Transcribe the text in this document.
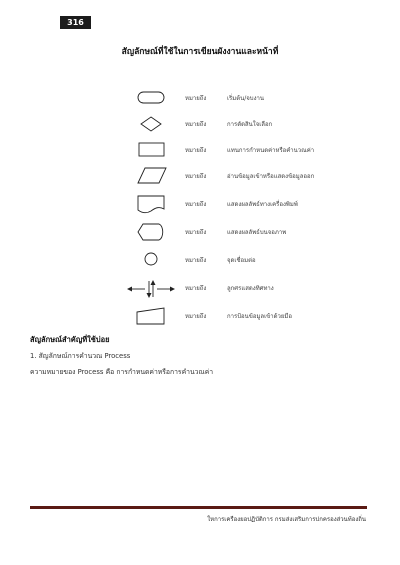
316
สัญลักษณ์ที่ใช้ในการเขียนผังงานและหน้าที่
หมายถึง	เริ่มต้น/จบงาน
หมายถึง	การตัดสินใจเลือก
หมายถึง	แทนการกำหนดค่าหรือคำนวณค่า
หมายถึง	อ่านข้อมูลเข้าหรือแสดงข้อมูลออก
หมายถึง	แสดงผลลัพธ์ทางเครื่องพิมพ์
หมายถึง	แสดงผลลัพธ์บนจอภาพ
หมายถึง	จุดเชื่อมต่อ
หมายถึง	ลูกศรแสดงทิศทาง
หมายถึง	การป้อนข้อมูลเข้าด้วยมือ
สัญลักษณ์สำคัญที่ใช้บ่อย
1. สัญลักษณ์การคำนวณ Process
ความหมายของ Process คือ การกำหนดค่าหรือการคำนวณค่า
ใหการเครืองยอปฏิบัติการ กรมส่งเสริมการปกครองส่วนท้องถิ่น
